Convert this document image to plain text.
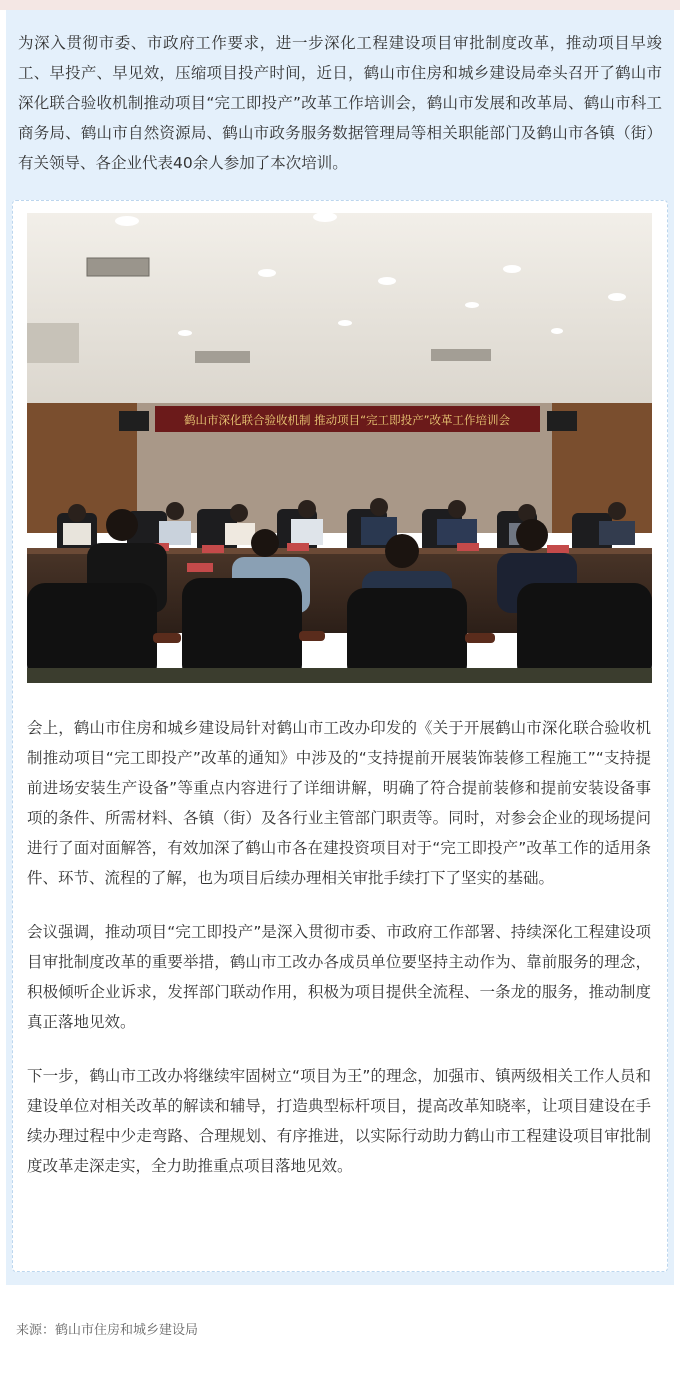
为深入贯彻市委、市政府工作要求，进一步深化工程建设项目审批制度改革，推动项目早竣工、早投产、早见效，压缩项目投产时间，近日，鹤山市住房和城乡建设局牵头召开了鹤山市深化联合验收机制推动项目“完工即投产”改革工作培训会，鹤山市发展和改革局、鹤山市科工商务局、鹤山市自然资源局、鹤山市政务服务数据管理局等相关职能部门及鹤山市各镇（街）有关领导、各企业代表40余人参加了本次培训。

鹤山市深化联合验收机制 推动项目“完工即投产”改革工作培训会

会上，鹤山市住房和城乡建设局针对鹤山市工改办印发的《关于开展鹤山市深化联合验收机制推动项目“完工即投产”改革的通知》中涉及的“支持提前开展装饰装修工程施工”“支持提前进场安装生产设备”等重点内容进行了详细讲解，明确了符合提前装修和提前安装设备事项的条件、所需材料、各镇（街）及各行业主管部门职责等。同时，对参会企业的现场提问进行了面对面解答，有效加深了鹤山市各在建投资项目对于“完工即投产”改革工作的适用条件、环节、流程的了解，也为项目后续办理相关审批手续打下了坚实的基础。

会议强调，推动项目“完工即投产”是深入贯彻市委、市政府工作部署、持续深化工程建设项目审批制度改革的重要举措，鹤山市工改办各成员单位要坚持主动作为、靠前服务的理念，积极倾听企业诉求，发挥部门联动作用，积极为项目提供全流程、一条龙的服务，推动制度真正落地见效。

下一步，鹤山市工改办将继续牢固树立“项目为王”的理念，加强市、镇两级相关工作人员和建设单位对相关改革的解读和辅导，打造典型标杆项目，提高改革知晓率，让项目建设在手续办理过程中少走弯路、合理规划、有序推进，以实际行动助力鹤山市工程建设项目审批制度改革走深走实，全力助推重点项目落地见效。

来源：鹤山市住房和城乡建设局
